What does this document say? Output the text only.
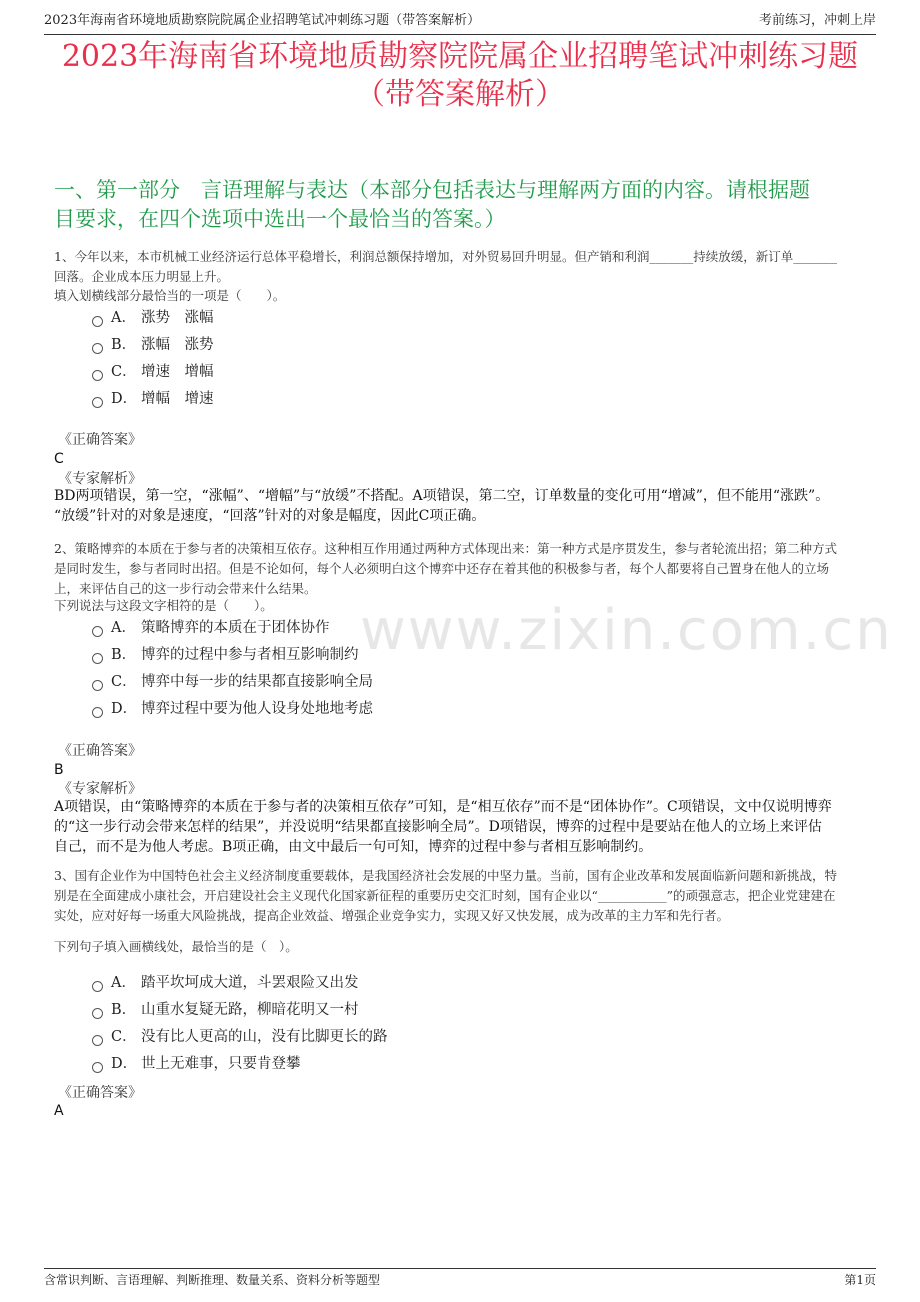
2023年海南省环境地质勘察院院属企业招聘笔试冲刺练习题（带答案解析）	考前练习，冲刺上岸
2023年海南省环境地质勘察院院属企业招聘笔试冲刺练习题
（带答案解析）
一、第一部分　言语理解与表达（本部分包括表达与理解两方面的内容。请根据题
目要求，在四个选项中选出一个最恰当的答案。）
www.zixin.com.cn
1、今年以来，本市机械工业经济运行总体平稳增长，利润总额保持增加，对外贸易回升明显。但产销和利润_______持续放缓，新订单_______
回落。企业成本压力明显上升。
填入划横线部分最恰当的一项是（　　）。
A． 涨势　涨幅
B． 涨幅　涨势
C． 增速　增幅
D． 增幅　增速
《正确答案》
C
《专家解析》
BD两项错误，第一空，“涨幅”、“增幅”与“放缓”不搭配。A项错误，第二空，订单数量的变化可用“增减”，但不能用“涨跌”。
“放缓”针对的对象是速度，“回落”针对的对象是幅度，因此C项正确。
2、策略博弈的本质在于参与者的决策相互依存。这种相互作用通过两种方式体现出来：第一种方式是序贯发生，参与者轮流出招；第二种方式
是同时发生，参与者同时出招。但是不论如何，每个人必须明白这个博弈中还存在着其他的积极参与者，每个人都要将自己置身在他人的立场
上，来评估自己的这一步行动会带来什么结果。
下列说法与这段文字相符的是（　　）。
A． 策略博弈的本质在于团体协作
B． 博弈的过程中参与者相互影响制约
C． 博弈中每一步的结果都直接影响全局
D． 博弈过程中要为他人设身处地地考虑
《正确答案》
B
《专家解析》
A项错误，由“策略博弈的本质在于参与者的决策相互依存”可知，是“相互依存”而不是“团体协作”。C项错误，文中仅说明博弈
的“这一步行动会带来怎样的结果”，并没说明“结果都直接影响全局”。D项错误，博弈的过程中是要站在他人的立场上来评估
自己，而不是为他人考虑。B项正确，由文中最后一句可知，博弈的过程中参与者相互影响制约。
3、国有企业作为中国特色社会主义经济制度重要载体，是我国经济社会发展的中坚力量。当前，国有企业改革和发展面临新问题和新挑战，特
别是在全面建成小康社会，开启建设社会主义现代化国家新征程的重要历史交汇时刻，国有企业以“___________”的顽强意志，把企业党建建在
实处，应对好每一场重大风险挑战，提高企业效益、增强企业竞争实力，实现又好又快发展，成为改革的主力军和先行者。
下列句子填入画横线处，最恰当的是（　）。
A． 踏平坎坷成大道，斗罢艰险又出发
B． 山重水复疑无路，柳暗花明又一村
C． 没有比人更高的山，没有比脚更长的路
D． 世上无难事，只要肯登攀
《正确答案》
A
含常识判断、言语理解、判断推理、数量关系、资料分析等题型	第1页
